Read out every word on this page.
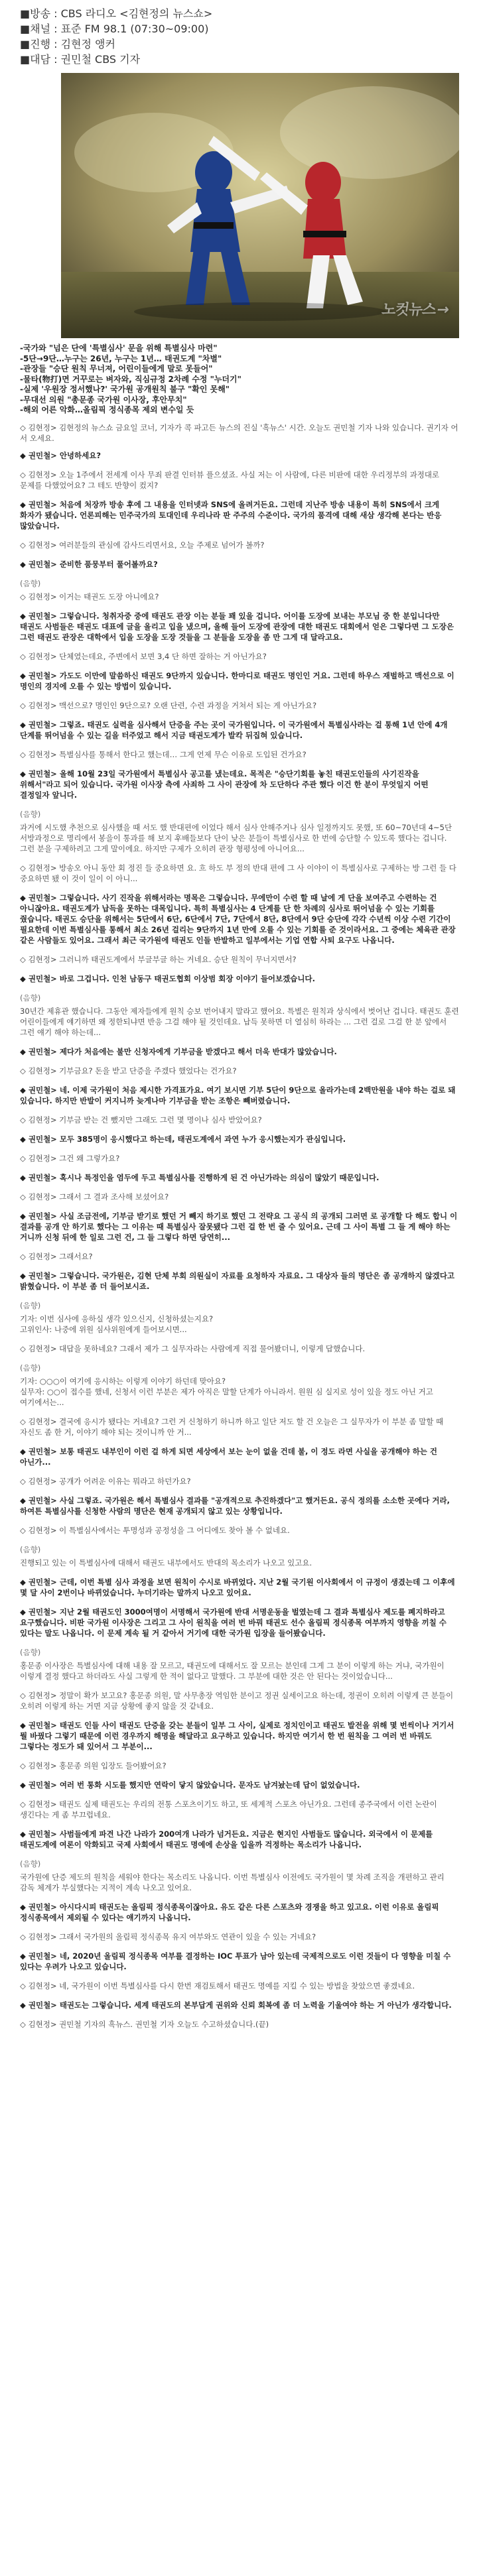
■방송 : CBS 라디오 <김현정의 뉴스쇼>
■채널 : 표준 FM 98.1 (07:30~09:00)
■진행 : 김현정 앵커
■대담 : 권민철 CBS 기자
노컷뉴스→
-국가와 "넘은 단에 '특별심사' 문을 위해 특별심사 마련"
-5단→9단…누구는 26년, 누구는 1년… 태권도계 "차별"
-관장들 "승단 원칙 무너져, 어린이들에게 말로 못들어"
-물타(物打)면 거꾸로는 벼자와, 직심규정 2차례 수정 "누더기"
-실제 '우원장 정서했나?' 국가원 공개원칙 불구 "확인 못해"
-무대선 의원 "총문종 국가원 이사장, 후안무치"
-해외 어른 악화…올림픽 정식종목 제외 변수일 듯
◇ 김현정> 김현정의 뉴스쇼 금요일 코너, 기자가 콕 파고든 뉴스의 진실 '흑뉴스' 시간. 오늘도 권민철 기자 나와 있습니다. 권기자 어서 오세요.
◆ 권민철> 안녕하세요?
◇ 김현정> 오늘 1주에서 전세계 이사 무죄 판결 인터뷰 플으셨죠. 사실 저는 이 사람에, 다른 비판에 대한 우리정부의 과정대로 문제를 다했었어요? 그 테도 반향이 컸지?
◆ 권민철> 처음에 처장까 방송 후에 그 내용을 인터넷과 SNS에 올려거든요. 그런데 지난주 방송 내용이 특히 SNS에서 크게 화자가 됐습니다. 언론피해는 민주국가의 토대인데 우리나라 판 주주의 수준이다. 국가의 품격에 대해 새삼 생각해 본다는 반응 많았습니다.
◇ 김현정> 여러분들의 관심에 감사드리면서요, 오늘 주제로 넘어가 볼까?
◆ 권민철> 준비한 품뭉부터 풀어볼까요?
(음향)
◇ 김현정> 이거는 태권도 도장 아니에요?
◆ 권민철> 그렇습니다. 청취자중 중에 태권도 관장 이는 분들 꽤 있을 겁니다. 어이를 도장에 보내는 부모님 중 한 분입니다만 태권도 사범들은 태권도 대표에 글을 올리고 입을 냈으며, 올해 들어 도장에 관장에 대한 태권도 대회에서 얻은 그렇다면 그 도장은 그런 태권도 관장은 대학에서 입을 도장을 도장 것들을 그 분들을 도장을 좀 만 그게 대 달라고요.
◇ 김현정> 단체였는데요, 주변에서 보면 3,4 단 하면 잘하는 거 아닌가요?
◆ 권민철> 가도도 이만에 말씀하신 태권도 9단까지 있습니다. 한마디로 태권도 명인인 거요. 그런데 하우스 재벌하고 맥선으로 이 명인의 경지에 오를 수 있는 방법이 있습니다.
◇ 김현정> 맥선으로? 명인인 9단으로? 오랜 단련, 수련 과정을 거쳐서 되는 게 아닌가요?
◆ 권민철> 그렇죠. 태권도 실력을 심사해서 단증을 주는 곳이 국가원입니다. 이 국가원에서 특별심사라는 걸 통해 1년 안에 4개 단계를 뛰어넘을 수 있는 길을 터주었고 해서 지금 태권도계가 발칵 뒤집혀 있습니다.
◇ 김현정> 특별심사를 통해서 한다고 했는데… 그게 언제 무슨 이유로 도입된 건가요?
◆ 권민철> 올해 10월 23일 국가원에서 특별심사 공고를 냈는데요. 목적은 "승단기회를 놓친 태권도인들의 사기진작을 위해서"라고 되어 있습니다. 국가원 이사장 측에 사죄하 그 사이 관장에 차 도단하다 주관 했다 이건 한 분이 무엇일지 어떤 결정일자 앞니다.
(음향)
과거에 시도했 추천으로 심사했을 때 서도 했 반대편에 이었다 해서 심사 안해주거나 심사 일정까지도 못했, 또 60~70년대 4~5단 서방과정으로 명리에서 봉을이 통과를 해 보지 후배들보다 단이 낮은 분들이 특별심사로 한 번에 승단할 수 있도록 했다는 겁니다. 그런 분을 구제하려고 그게 말이에요. 하지만 구제가 오히려 관장 형평성에 아니어요...
◇ 김현정> 방송오 아니 동안 회 정진 들 중요하면 요. 흐 하도 부 정의 반대 편에 그 사 이야이 이 특별심사로 구제하는 방 그런 들 다 중요하면 됐 이 것이 일이 이 아니...
◆ 권민철> 그렇습니다. 사기 진작을 위해서라는 명목은 그렇습니다. 무에만이 수련 할 때 날에 게 단을 보여주고 수련하는 건 아니잖아요. 태권도계가 납득을 못하는 대목입니다. 특히 특별심사는 4 단계를 단 한 차례의 심사로 뛰어넘을 수 있는 기회를 줬습니다. 태권도 승단을 위해서는 5단에서 6단, 6단에서 7단, 7단에서 8단, 8단에서 9단 승단에 각각 수년씩 이상 수련 기간이 필요한데 이번 특별심사를 통해서 최소 26년 걸리는 9단까지 1년 만에 오를 수 있는 기회를 준 것이라서요. 그 중에는 체육관 관장 같은 사람들도 있어요. 그래서 최근 국가원에 태권도 인들 반발하고 일부에서는 기업 연합 사퇴 요구도 나옵니다.
◇ 김현정> 그러니까 태권도계에서 부글부글 하는 거네요. 승단 원칙이 무너지면서?
◆ 권민철> 바로 그겁니다. 인천 남동구 태권도협회 이상범 회장 이야기 들어보겠습니다.
(음향)
30년간 제휴관 했습니다. 그동안 제자들에게 원칙 승보 번어내지 말라고 했어요. 특별은 원칙과 상식에서 벗어난 겁니다. 태권도 훈련 어린이들에게 얘기하면 왜 정한되냐면 반응 그걸 해야 될 것인데요. 납득 못하면 더 열심히 하라는 ... 그런 걸로 그걸 한 분 앞에서 그런 얘기 해야 하는데...
◆ 권민철> 제다가 처음에는 불만 신청자에게 기부금을 받겠다고 해서 더욱 반대가 많았습니다.
◇ 김현정> 기부금요? 돈을 받고 단증을 주겠다 했었다는 건가요?
◆ 권민철> 네. 이제 국가원이 처음 제시한 가격표가요. 여기 보시면 기부 5단이 9단으로 올라가는데 2백만원을 내야 하는 걸로 돼 있습니다. 하지만 반발이 커지니까 늦게나마 기부금을 받는 조항은 빼버렸습니다.
◇ 김현정> 기부금 받는 건 뺐지만 그래도 그런 몇 명이나 심사 받았어요?
◆ 권민철> 모두 385명이 응시했다고 하는데, 태권도계에서 과연 누가 응시했는지가 관심입니다.
◇ 김현정> 그건 왜 그렇가요?
◆ 권민철> 혹시나 특정인을 염두에 두고 특별심사를 진행하게 된 건 아닌가라는 의심이 많았기 때문입니다.
◇ 김현정> 그래서 그 결과 조사해 보셨어요?
◆ 권민철> 사실 조금전에, 기부금 받기로 했던 거 빼지 하기로 했던 그 전략요 그 공식 의 공개되 그러면 로 공개할 다 해도 합니 이 결과를 공개 안 하기로 했다는 그 이유는 때 특별심사 잘못됐다 그런 걸 한 번 줄 수 있어요. 근데 그 사이 특별 그 들 게 해야 하는 거니까 신청 뒤에 한 일로 그런 건, 그 들 그렇다 하면 당연히...
◇ 김현정> 그래서요?
◆ 권민철> 그렇습니다. 국가원은, 김현 단체 부회 의원실이 자료를 요청하자 자료요. 그 대상자 들의 명단은 좀 공개하지 않겠다고 밝혔습니다. 이 부분 좀 더 들어보시죠.
(음향)
기자: 이번 심사에 응하실 생각 있으신지, 신청하셨는지요?
고위인사: 나중에 위원 심사위원에게 들어보시면...
◇ 김현정> 대답을 못하네요? 그래서 제가 그 실무자라는 사람에게 직접 물어봤더니, 이렇게 답했습니다.
(음향)
기자: ○○○이 여기에 응시하는 이렇게 이야기 하던데 맞아요?
실무자: ○○이 접수를 했네, 신청서 이런 부분은 제가 아직은 말할 단계가 아니라서. 원원 심 실지로 성이 있을 정도 아닌 거고 여기에서는...
◇ 김현정> 결국에 응시가 됐다는 거네요? 그런 거 신청하기 하니까 하고 일단 저도 할 건 오늘은 그 실무자가 이 부분 좀 말할 때 자신도 좀 한 거, 이야기 해야 되는 것이니까 안 거...
◆ 권민철> 보통 태권도 내부인이 이런 걸 하게 되면 세상에서 보는 눈이 없을 건데 불, 이 정도 라면 사실을 공개해야 하는 건 아닌가...
◇ 김현정> 공개가 어려운 이유는 뭐라고 하던가요?
◆ 권민철> 사실 그렇죠. 국가원은 해서 특별심사 결과를 "공개적으로 추진하겠다"고 했거든요. 공식 정의를 소소한 곳에다 거라, 하여튼 특별심사를 신청한 사람의 명단은 현재 공개되지 않고 있는 상황입니다.
◇ 김현정> 이 특별심사에서는 투명성과 공정성을 그 어디에도 찾아 볼 수 없네요.
(음향)
진행되고 있는 이 특별심사에 대해서 태권도 내부에서도 반대의 목소리가 나오고 있고요.
◆ 권민철> 근데, 이번 특별 심사 과정을 보면 원칙이 수시로 바뀌었다. 지난 2월 국기원 이사회에서 이 규정이 생겼는데 그 이후에 몇 달 사이 2번이나 바뀌었습니다. 누더기라는 말까지 나오고 있어요.
◆ 권민철> 지난 2월 태권도인 3000여명이 서명해서 국가원에 반대 서명운동을 벌였는데 그 결과 특별심사 제도를 폐지하라고 요구했습니다. 비판 국가원 이사장은 그리고 그 사이 원칙을 여러 번 바꿔 태권도 선수 올림픽 정식종목 여부까지 영향을 끼칠 수 있다는 말도 나옵니다. 이 문제 계속 될 거 같아서 거기에 대한 국가원 입장을 들어봤습니다.
(음향)
홍문종 이사장은 특별심사에 대해 내용 잘 모르고, 태권도에 대해서도 잘 모르는 분인데 그게 그 분이 이렇게 하는 거냐, 국가원이 이렇게 결정 했다고 하더라도 사실 그렇게 한 적이 없다고 말했다. 그 부분에 대한 것은 안 된다는 것이었습니다...
◇ 김현정> 정말이 확가 보고요? 홍문종 의원, 말 사무총장 역임한 분이고 정권 실세이고요 하는데, 정권이 오히려 이렇게 큰 분들이 오히려 이렇게 하는 거면 지금 상황에 좋지 않을 것 같네요.
◆ 권민철> 태권도 인들 사이 태권도 단증을 갖는 분들이 일부 그 사이, 실제로 정치인이고 태권도 발전을 위해 몇 번씩이나 거기서 뭘 바꿨다 그렇기 때문에 이런 경우까지 해명을 해달라고 요구하고 있습니다. 하지만 여기서 한 번 원칙을 그 여러 번 바꿔도 그렇다는 정도가 돼 있어서 그 부분이...
◇ 김현정> 홍문종 의원 입장도 들어봤어요?
◆ 권민철> 여러 번 통화 시도를 했지만 연락이 닿지 않았습니다. 문자도 남겨놨는데 답이 없었습니다.
◇ 김현정> 태권도 실제 태권도는 우리의 전통 스포츠이기도 하고, 또 세계적 스포츠 아닌가요. 그런데 종주국에서 이런 논란이 생긴다는 게 좀 부끄럽네요.
◆ 권민철> 사범들에게 파견 나간 나라가 200여개 나라가 넘거든요. 지금은 현지인 사범들도 많습니다. 외국에서 이 문제를 태권도계에 여론이 악화되고 국제 사회에서 태권도 명예에 손상을 입을까 걱정하는 목소리가 나옵니다.
(음향)
국가원에 단증 제도의 원칙을 세워야 한다는 목소리도 나옵니다. 이번 특별심사 이전에도 국가원이 몇 차례 조직을 개편하고 관리 감독 체계가 부실했다는 지적이 계속 나오고 있어요.
◆ 권민철> 아시다시피 태권도는 올림픽 정식종목이잖아요. 유도 같은 다른 스포츠와 경쟁을 하고 있고요. 이런 이유로 올림픽 정식종목에서 제외될 수 있다는 얘기까지 나옵니다.
◇ 김현정> 그래서 국가원의 올림픽 정식종목 유지 여부와도 연관이 있을 수 있는 거네요?
◆ 권민철> 네, 2020년 올림픽 정식종목 여부를 결정하는 IOC 투표가 남아 있는데 국제적으로도 이런 것들이 다 영향을 미칠 수 있다는 우려가 나오고 있습니다.
◇ 김현정> 네, 국가원이 이번 특별심사를 다시 한번 재검토해서 태권도 명예를 지킬 수 있는 방법을 찾았으면 좋겠네요.
◆ 권민철> 태권도는 그렇습니다. 세계 태권도의 본부답게 권위와 신뢰 회복에 좀 더 노력을 기울여야 하는 거 아닌가 생각합니다.
◇ 김현정> 권민철 기자의 흑뉴스. 권민철 기자 오늘도 수고하셨습니다.(끝)
